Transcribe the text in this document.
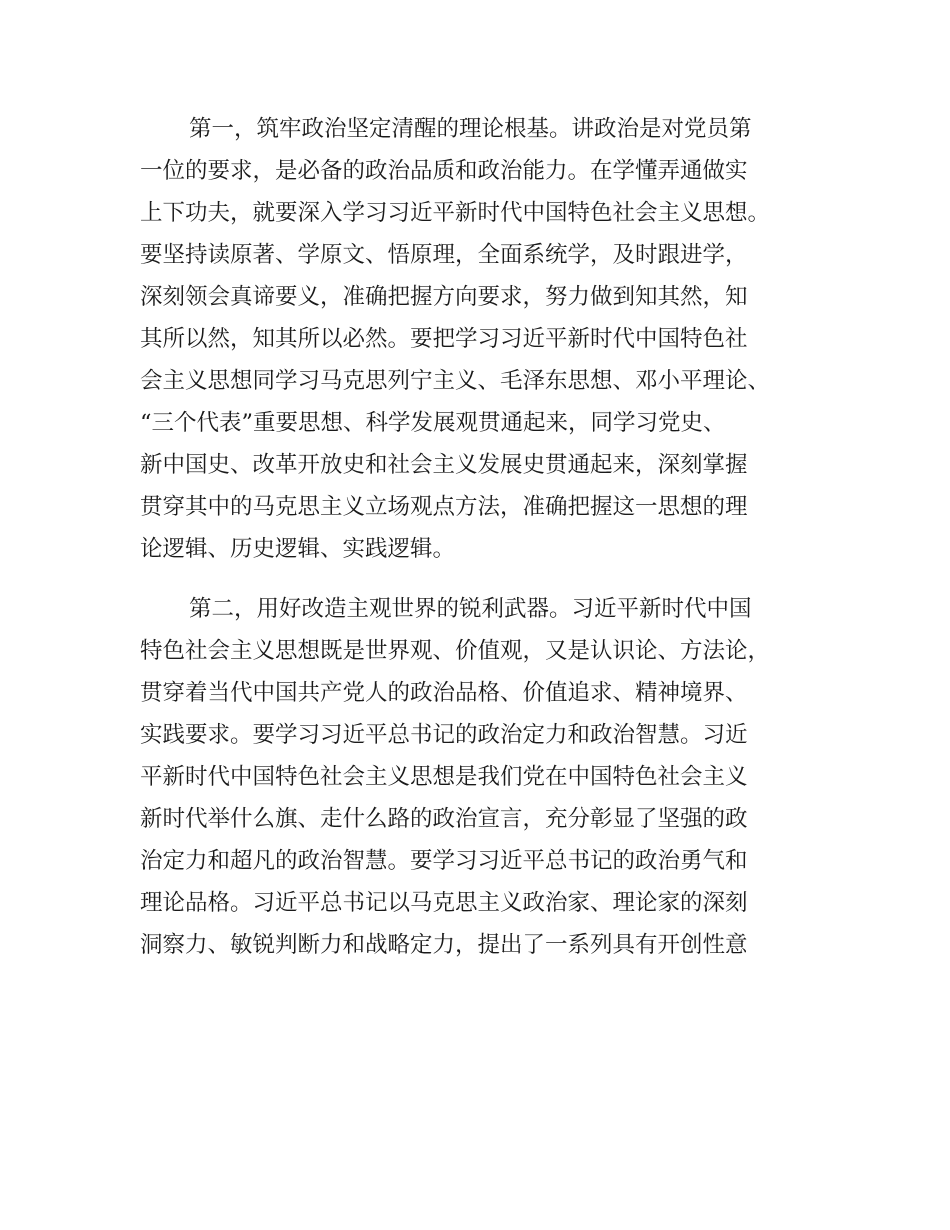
第一，筑牢政治坚定清醒的理论根基。讲政治是对党员第
一位的要求，是必备的政治品质和政治能力。在学懂弄通做实
上下功夫，就要深入学习习近平新时代中国特色社会主义思想。
要坚持读原著、学原文、悟原理，全面系统学，及时跟进学，
深刻领会真谛要义，准确把握方向要求，努力做到知其然，知
其所以然，知其所以必然。要把学习习近平新时代中国特色社
会主义思想同学习马克思列宁主义、毛泽东思想、邓小平理论、
“三个代表”重要思想、科学发展观贯通起来，同学习党史、
新中国史、改革开放史和社会主义发展史贯通起来，深刻掌握
贯穿其中的马克思主义立场观点方法，准确把握这一思想的理
论逻辑、历史逻辑、实践逻辑。
第二，用好改造主观世界的锐利武器。习近平新时代中国
特色社会主义思想既是世界观、价值观，又是认识论、方法论，
贯穿着当代中国共产党人的政治品格、价值追求、精神境界、
实践要求。要学习习近平总书记的政治定力和政治智慧。习近
平新时代中国特色社会主义思想是我们党在中国特色社会主义
新时代举什么旗、走什么路的政治宣言，充分彰显了坚强的政
治定力和超凡的政治智慧。要学习习近平总书记的政治勇气和
理论品格。习近平总书记以马克思主义政治家、理论家的深刻
洞察力、敏锐判断力和战略定力，提出了一系列具有开创性意
